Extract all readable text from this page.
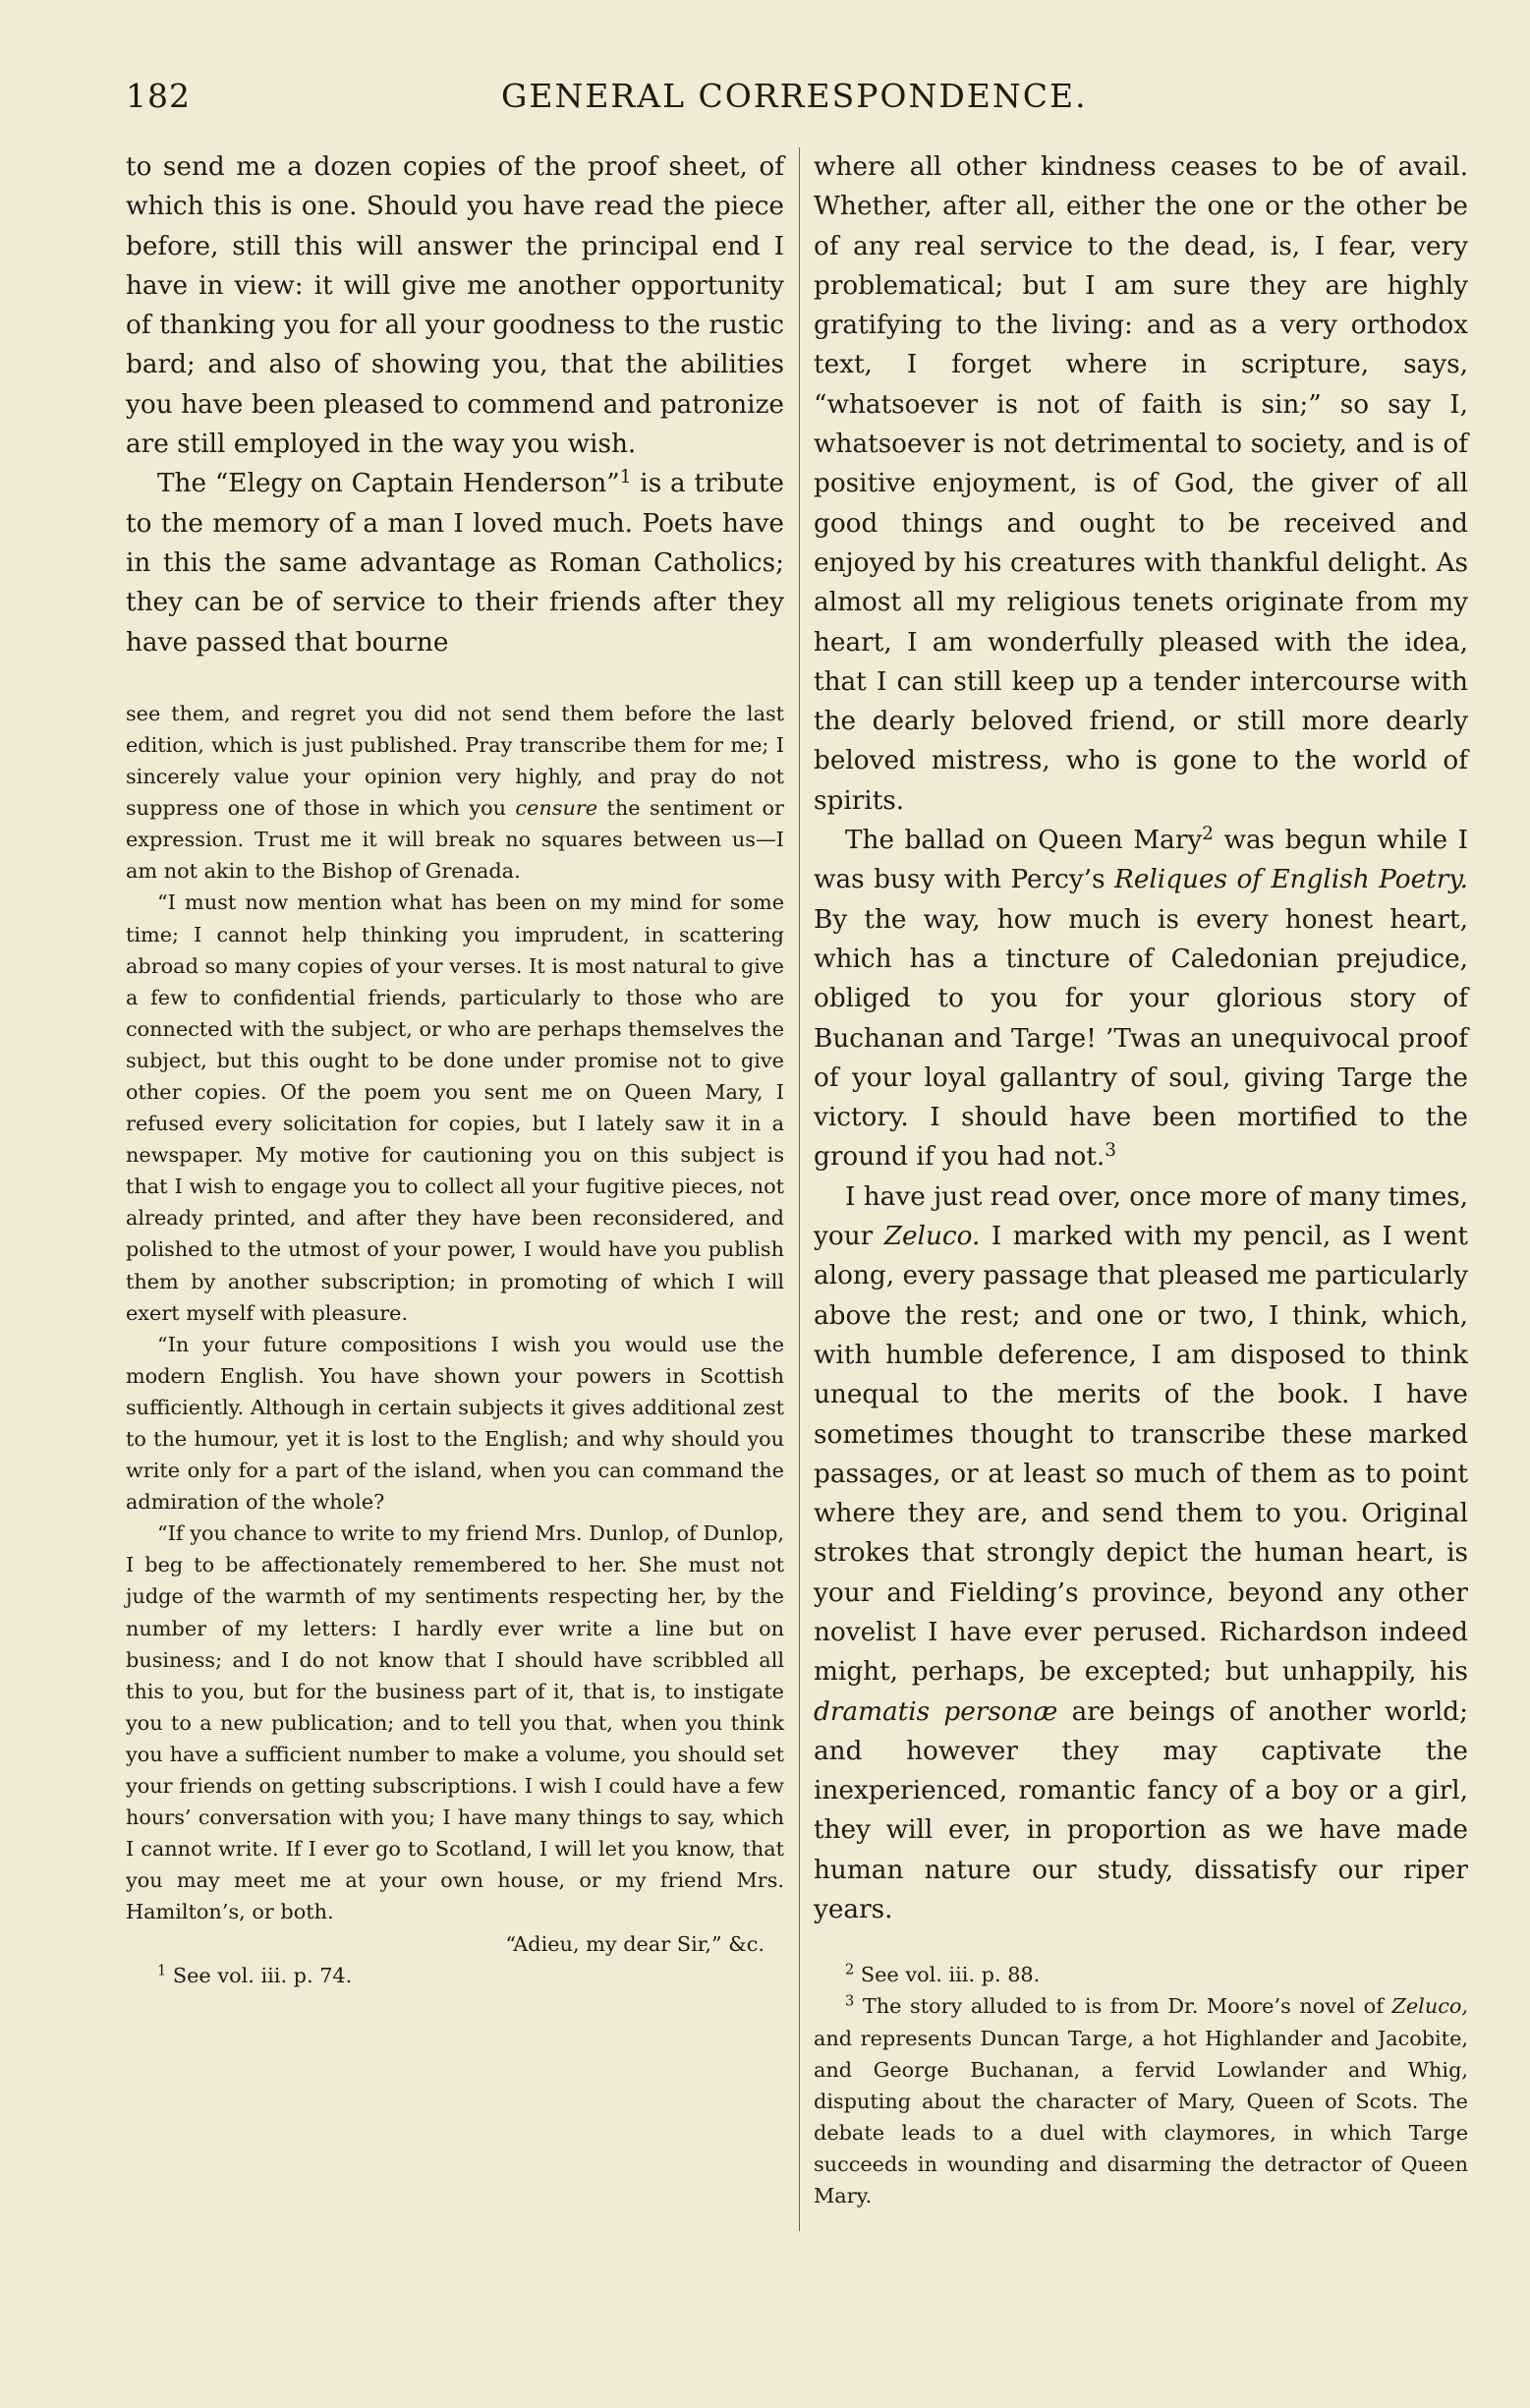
182	GENERAL CORRESPONDENCE.

to send me a dozen copies of the proof sheet, of which this is one. Should you have read the piece before, still this will answer the principal end I have in view: it will give me another opportunity of thanking you for all your goodness to the rustic bard; and also of showing you, that the abilities you have been pleased to commend and patronize are still employed in the way you wish.

The “Elegy on Captain Henderson”$^1$ is a tribute to the memory of a man I loved much. Poets have in this the same advantage as Roman Catholics; they can be of service to their friends after they have passed that bourne

see them, and regret you did not send them before the last edition, which is just published. Pray transcribe them for me; I sincerely value your opinion very highly, and pray do not suppress one of those in which you censure the sentiment or expression. Trust me it will break no squares between us—I am not akin to the Bishop of Grenada.

“I must now mention what has been on my mind for some time; I cannot help thinking you imprudent, in scattering abroad so many copies of your verses. It is most natural to give a few to confidential friends, particularly to those who are connected with the subject, or who are perhaps themselves the subject, but this ought to be done under promise not to give other copies. Of the poem you sent me on Queen Mary, I refused every solicitation for copies, but I lately saw it in a newspaper. My motive for cautioning you on this subject is that I wish to engage you to collect all your fugitive pieces, not already printed, and after they have been reconsidered, and polished to the utmost of your power, I would have you publish them by another subscription; in promoting of which I will exert myself with pleasure.

“In your future compositions I wish you would use the modern English. You have shown your powers in Scottish sufficiently. Although in certain subjects it gives additional zest to the humour, yet it is lost to the English; and why should you write only for a part of the island, when you can command the admiration of the whole?

“If you chance to write to my friend Mrs. Dunlop, of Dunlop, I beg to be affectionately remembered to her. She must not judge of the warmth of my sentiments respecting her, by the number of my letters: I hardly ever write a line but on business; and I do not know that I should have scribbled all this to you, but for the business part of it, that is, to instigate you to a new publication; and to tell you that, when you think you have a sufficient number to make a volume, you should set your friends on getting subscriptions. I wish I could have a few hours’ conversation with you; I have many things to say, which I cannot write. If I ever go to Scotland, I will let you know, that you may meet me at your own house, or my friend Mrs. Hamilton’s, or both.

“Adieu, my dear Sir,” &c.

$^1$ See vol. iii. p. 74.

where all other kindness ceases to be of avail. Whether, after all, either the one or the other be of any real service to the dead, is, I fear, very problematical; but I am sure they are highly gratifying to the living: and as a very orthodox text, I forget where in scripture, says, “whatsoever is not of faith is sin;” so say I, whatsoever is not detrimental to society, and is of positive enjoyment, is of God, the giver of all good things and ought to be received and enjoyed by his creatures with thankful delight. As almost all my religious tenets originate from my heart, I am wonderfully pleased with the idea, that I can still keep up a tender intercourse with the dearly beloved friend, or still more dearly beloved mistress, who is gone to the world of spirits.

The ballad on Queen Mary$^2$ was begun while I was busy with Percy’s Reliques of English Poetry. By the way, how much is every honest heart, which has a tincture of Caledonian prejudice, obliged to you for your glorious story of Buchanan and Targe! ’Twas an unequivocal proof of your loyal gallantry of soul, giving Targe the victory. I should have been mortified to the ground if you had not.$^3$

I have just read over, once more of many times, your Zeluco. I marked with my pencil, as I went along, every passage that pleased me particularly above the rest; and one or two, I think, which, with humble deference, I am disposed to think unequal to the merits of the book. I have sometimes thought to transcribe these marked passages, or at least so much of them as to point where they are, and send them to you. Original strokes that strongly depict the human heart, is your and Fielding’s province, beyond any other novelist I have ever perused. Richardson indeed might, perhaps, be excepted; but unhappily, his dramatis personæ are beings of another world; and however they may captivate the inexperienced, romantic fancy of a boy or a girl, they will ever, in proportion as we have made human nature our study, dissatisfy our riper years.

$^2$ See vol. iii. p. 88.

$^3$ The story alluded to is from Dr. Moore’s novel of Zeluco, and represents Duncan Targe, a hot Highlander and Jacobite, and George Buchanan, a fervid Lowlander and Whig, disputing about the character of Mary, Queen of Scots. The debate leads to a duel with claymores, in which Targe succeeds in wounding and disarming the detractor of Queen Mary.
